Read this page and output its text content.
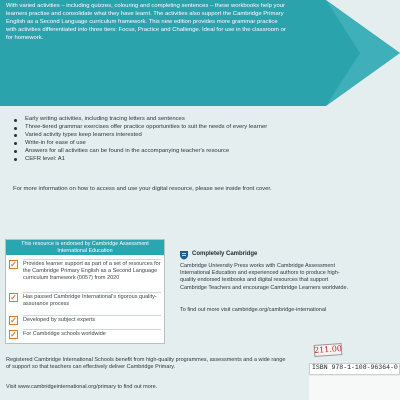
With varied activities – including quizzes, colouring and completing sentences – these workbooks help your learners practise and consolidate what they have learnt. The activities also support the Cambridge Primary English as a Second Language curriculum framework. This new edition provides more grammar practice with activities differentiated into three tiers: Focus, Practice and Challenge. Ideal for use in the classroom or for homework.
Early writing activities, including tracing letters and sentences
Three-tiered grammar exercises offer practice opportunities to suit the needs of every learner
Varied activity types keep learners interested
Write-in for ease of use
Answers for all activities can be found in the accompanying teacher's resource
CEFR level: A1
For more information on how to access and use your digital resource, please see inside front cover.
This resource is endorsed by Cambridge Assessment International Education
✓ Provides learner support as part of a set of resources for the Cambridge Primary English as a Second Language curriculum framework (0057) from 2020
✓ Has passed Cambridge International's rigorous quality-assurance process
✓ Developed by subject experts
✓ For Cambridge schools worldwide
Completely Cambridge
Cambridge University Press works with Cambridge Assessment International Education and experienced authors to produce high-quality endorsed textbooks and digital resources that support Cambridge Teachers and encourage Cambridge Learners worldwide.
To find out more visit cambridge.org/cambridge-international
Registered Cambridge International Schools benefit from high-quality programmes, assessments and a wide range of support so that teachers can effectively deliver Cambridge Primary.
Visit www.cambridgeinternational.org/primary to find out more.
211.00
ISBN 978-1-108-96364-0
